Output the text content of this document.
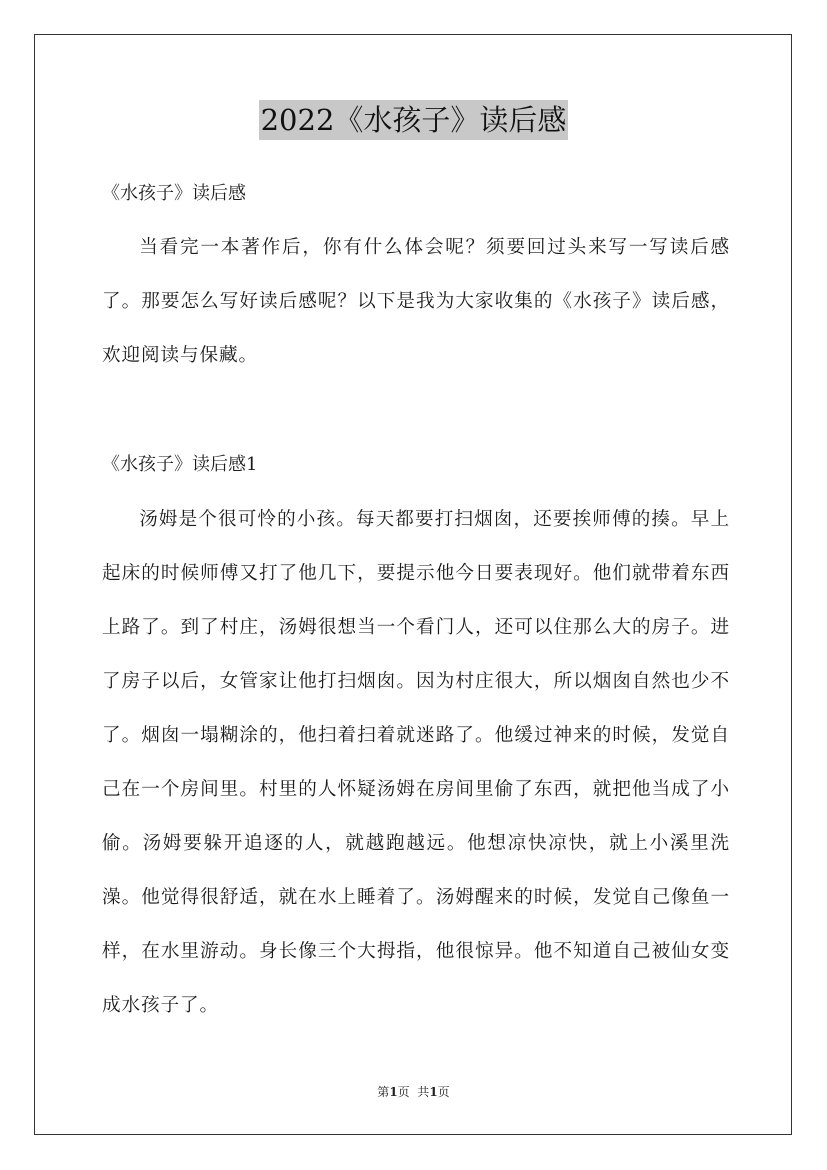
2022《水孩子》读后感
《水孩子》读后感

当看完一本著作后，你有什么体会呢？须要回过头来写一写读后感了。那要怎么写好读后感呢？以下是我为大家收集的《水孩子》读后感，欢迎阅读与保藏。

《水孩子》读后感1

汤姆是个很可怜的小孩。每天都要打扫烟囱，还要挨师傅的揍。早上起床的时候师傅又打了他几下，要提示他今日要表现好。他们就带着东西上路了。到了村庄，汤姆很想当一个看门人，还可以住那么大的房子。进了房子以后，女管家让他打扫烟囱。因为村庄很大，所以烟囱自然也少不了。烟囱一塌糊涂的，他扫着扫着就迷路了。他缓过神来的时候，发觉自己在一个房间里。村里的人怀疑汤姆在房间里偷了东西，就把他当成了小偷。汤姆要躲开追逐的人，就越跑越远。他想凉快凉快，就上小溪里洗澡。他觉得很舒适，就在水上睡着了。汤姆醒来的时候，发觉自己像鱼一样，在水里游动。身长像三个大拇指，他很惊异。他不知道自己被仙女变成水孩子了。

第1页  共1页
